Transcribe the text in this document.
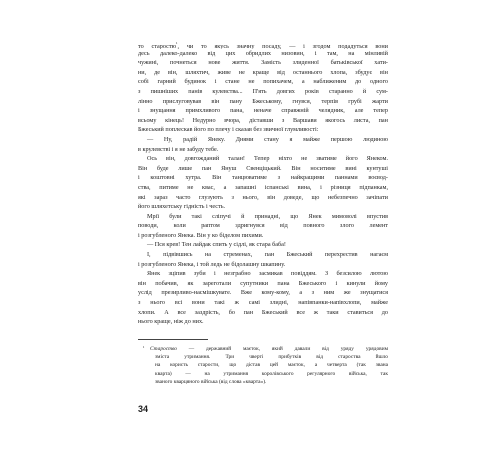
то старостю$^{^1}$, чи то якусь значну посаду, — і згодом подадуться вони
десь далеко-далеко від цих обридлих низовин, і там, на мінливій
чужині, почнеться нове життя. Замість злиденної батьківської хати-
ни, де він, шляхтич, живе не краще від останнього хлопа, збудує він
собі гарний будинок і стане не попихачем, а наближеним до одного
з пишніших панів кулевства... П'ять довгих років старанно й сум-
лінно прислуговував він пану Бжеському, гнувся, терпів грубі жарти
і знущання примхливого пана, неначе справжній челядник, але тепер
всьому кінець! Недурно вчора, діставши з Варшави якогось листа, пан
Бжеський поплескав його по плечу і сказав без звичної глумливості:
— Ну, радій Янеку. Днями стану я майже першою людиною
в крулевстві і я не забуду тебе.
Ось він, довгожданий талан! Тепер ніхто не зватиме його Янеком.
Він буде лише пан Януш Свенціцький. Він носитиме вині кунтуші
і коштовні хутра. Він танцюватиме з найкращими паннами воєвод-
ства, питиме не квас, а запашні іспанські вина, і різниця підпанкам,
які зараз часто глузують з нього, він доведе, що небезпечно зачіпати
його шляхетську гідність і честь.
Мрії були такі сліпучі й принадні, що Янек мимоволі впустив
поводи, коли раптом здригнувся від повного злого лемент
і розгубленого Янека. Він у ко біделом пихими.
— Пся крев! Тен лайдак спить у сідлі, як стара баба!
І, підвівшись на стременах, пан Бжеський перехрестив нагаєм
і розгубленого Янека, і той ледь не бідолашну шкапину.
Янек зціпив зуби і незграбно засмикав повіддям. З безсилою лютою
він побачив, як зареготали супутники пана Бжеського і кинули йому
услід презирливо-насмішкувате. Вже кому-кому, а з ним же знущатися
з нього всі вони такі ж самі злидні, напівпанки-напівхлопи, майже
хлопи. А все заздрість, бо пан Бжеський все ж таки ставиться до
нього краще, ніж до них.
¹ Староство — державний маєток, який давали від уряду урядовим
зміста утримання. Три чверті прибутків від староства йшло
на користь старости, що дістав цей маєток, а четверта (так звана
кварта) — на утримання королівського регулярного війська, так
званого кварцяного війська (від слова «кварта»).
34
